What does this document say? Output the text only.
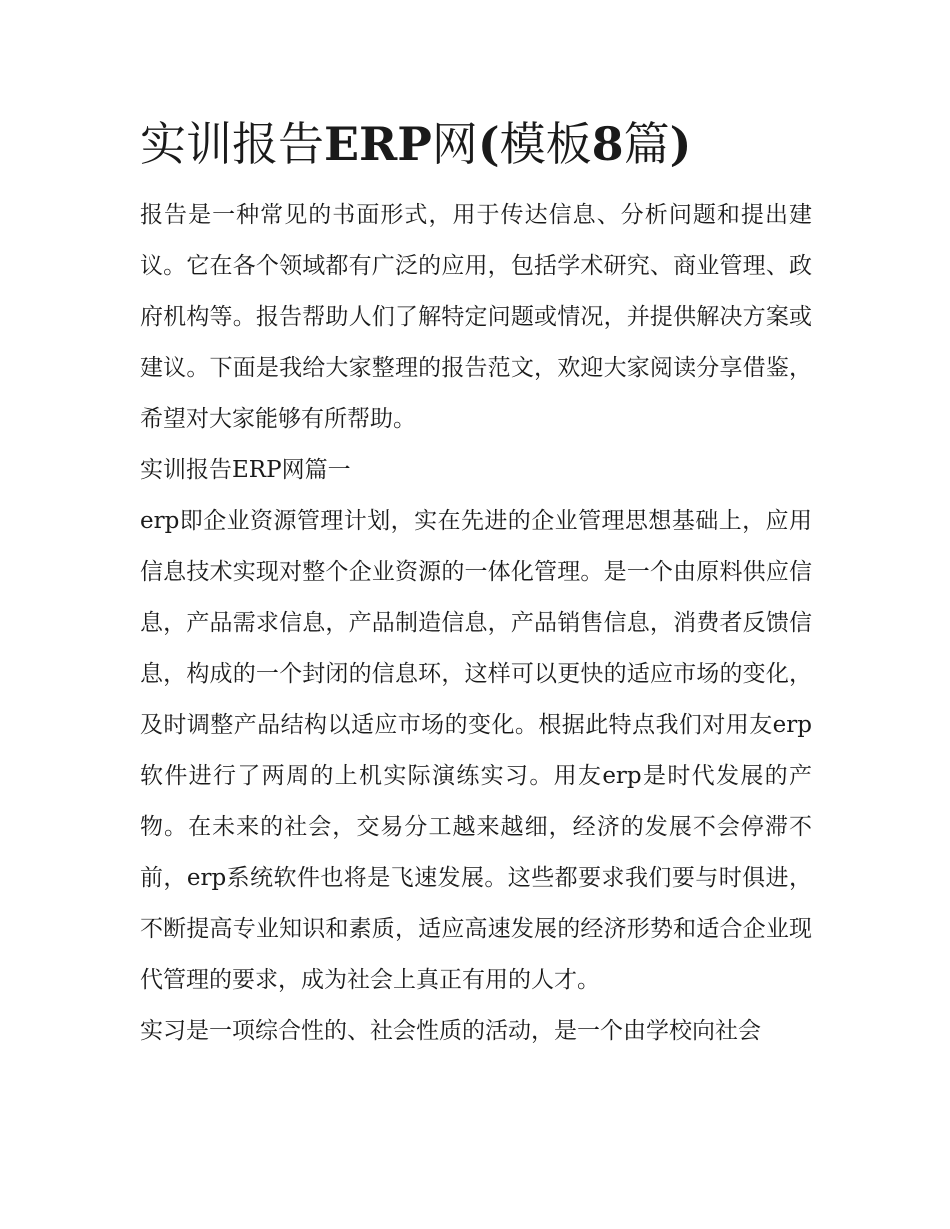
实训报告ERP网(模板8篇)

报告是一种常见的书面形式，用于传达信息、分析问题和提出建议。它在各个领域都有广泛的应用，包括学术研究、商业管理、政府机构等。报告帮助人们了解特定问题或情况，并提供解决方案或建议。下面是我给大家整理的报告范文，欢迎大家阅读分享借鉴，希望对大家能够有所帮助。

实训报告ERP网篇一

erp即企业资源管理计划，实在先进的企业管理思想基础上，应用信息技术实现对整个企业资源的一体化管理。是一个由原料供应信息，产品需求信息，产品制造信息，产品销售信息，消费者反馈信息，构成的一个封闭的信息环，这样可以更快的适应市场的变化，及时调整产品结构以适应市场的变化。根据此特点我们对用友erp软件进行了两周的上机实际演练实习。用友erp是时代发展的产物。在未来的社会，交易分工越来越细，经济的发展不会停滞不前，erp系统软件也将是飞速发展。这些都要求我们要与时俱进，不断提高专业知识和素质，适应高速发展的经济形势和适合企业现代管理的要求，成为社会上真正有用的人才。

实习是一项综合性的、社会性质的活动，是一个由学校向社会
